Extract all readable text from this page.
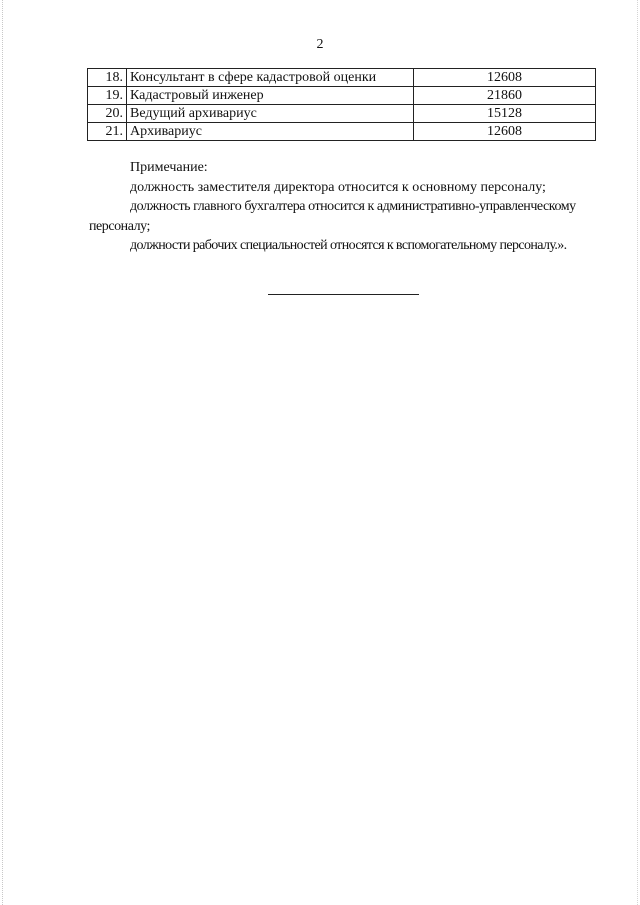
2
18.	Консультант в сфере кадастровой оценки	12608
19.	Кадастровый инженер	21860
20.	Ведущий архивариус	15128
21.	Архивариус	12608

Примечание:

должность заместителя директора относится к основному персоналу;

должность главного бухгалтера относится к административно-управленческому персоналу;

должности рабочих специальностей относятся к вспомогательному персоналу.».
